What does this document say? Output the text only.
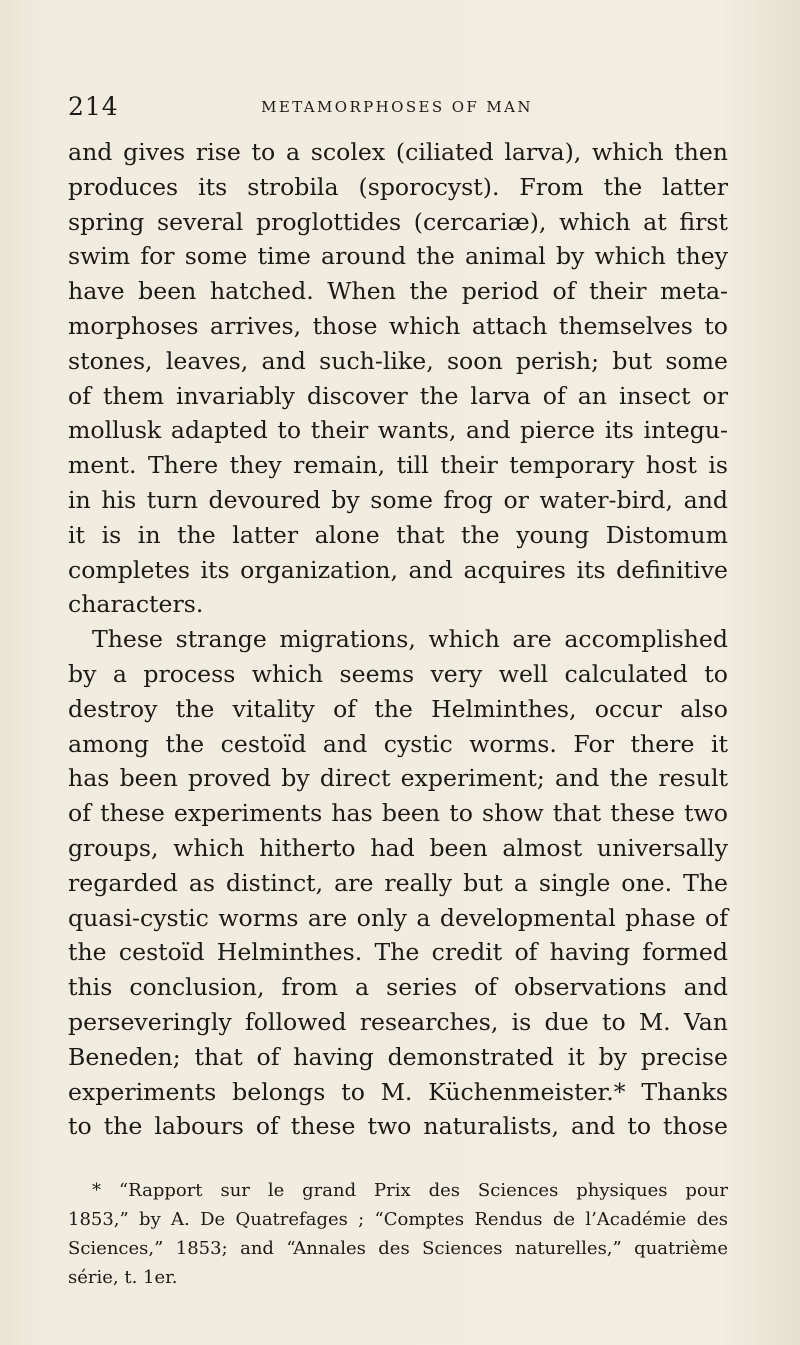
214	METAMORPHOSES OF MAN
and gives rise to a scolex (ciliated larva), which then
produces its strobila (sporocyst). From the latter
spring several proglottides (cercariæ), which at first
swim for some time around the animal by which they
have been hatched. When the period of their meta-
morphoses arrives, those which attach themselves to
stones, leaves, and such-like, soon perish; but some
of them invariably discover the larva of an insect or
mollusk adapted to their wants, and pierce its integu-
ment. There they remain, till their temporary host is
in his turn devoured by some frog or water-bird, and
it is in the latter alone that the young Distomum
completes its organization, and acquires its definitive
characters.
These strange migrations, which are accomplished
by a process which seems very well calculated to
destroy the vitality of the Helminthes, occur also
among the cestoïd and cystic worms. For there it
has been proved by direct experiment; and the result
of these experiments has been to show that these two
groups, which hitherto had been almost universally
regarded as distinct, are really but a single one. The
quasi-cystic worms are only a developmental phase of
the cestoïd Helminthes. The credit of having formed
this conclusion, from a series of observations and
perseveringly followed researches, is due to M. Van
Beneden; that of having demonstrated it by precise
experiments belongs to M. Küchenmeister.* Thanks
to the labours of these two naturalists, and to those
* “Rapport sur le grand Prix des Sciences physiques pour
1853,” by A. De Quatrefages ; “Comptes Rendus de l’Académie des
Sciences,” 1853; and “Annales des Sciences naturelles,” quatrième
série, t. 1er.
